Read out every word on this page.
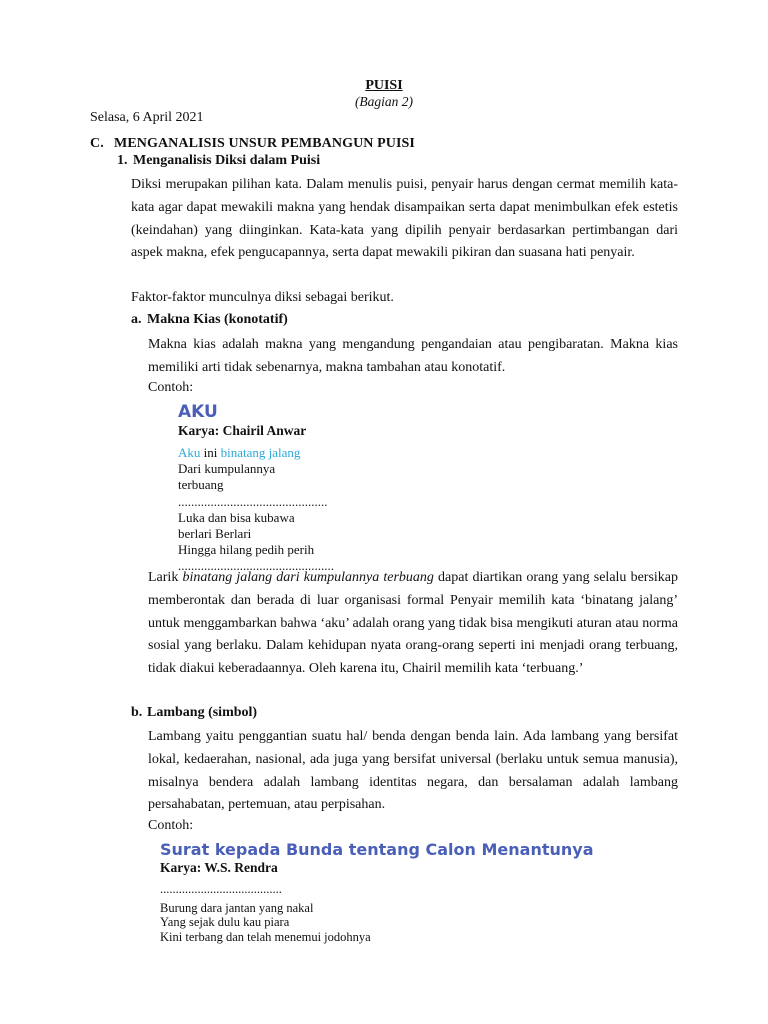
PUISI
(Bagian 2)
Selasa, 6 April 2021
C. MENGANALISIS UNSUR PEMBANGUN PUISI
1. Menganalisis Diksi dalam Puisi
Diksi merupakan pilihan kata. Dalam menulis puisi, penyair harus dengan cermat memilih kata- kata agar dapat mewakili makna yang hendak disampaikan serta dapat menimbulkan efek estetis (keindahan) yang diinginkan. Kata-kata yang dipilih penyair berdasarkan pertimbangan dari aspek makna, efek pengucapannya, serta dapat mewakili pikiran dan suasana hati penyair.
Faktor-faktor munculnya diksi sebagai berikut.
a. Makna Kias (konotatif)
Makna kias adalah makna yang mengandung pengandaian atau pengibaratan. Makna kias memiliki arti tidak sebenarnya, makna tambahan atau konotatif.
Contoh:
AKU
Karya: Chairil Anwar
Aku ini binatang jalang
Dari kumpulannya
terbuang
..............................................
Luka dan bisa kubawa
berlari Berlari
Hingga hilang pedih perih
................................................
Larik binatang jalang dari kumpulannya terbuang dapat diartikan orang yang selalu bersikap memberontak dan berada di luar organisasi formal Penyair memilih kata ‘binatang jalang’ untuk menggambarkan bahwa ‘aku’ adalah orang yang tidak bisa mengikuti aturan atau norma sosial yang berlaku. Dalam kehidupan nyata orang-orang seperti ini menjadi orang terbuang, tidak diakui keberadaannya. Oleh karena itu, Chairil memilih kata ‘terbuang.’
b. Lambang (simbol)
Lambang yaitu penggantian suatu hal/ benda dengan benda lain. Ada lambang yang bersifat lokal, kedaerahan, nasional, ada juga yang bersifat universal (berlaku untuk semua manusia), misalnya bendera adalah lambang identitas negara, dan bersalaman adalah lambang persahabatan, pertemuan, atau perpisahan.
Contoh:
Surat kepada Bunda tentang Calon Menantunya
Karya: W.S. Rendra
.......................................
Burung dara jantan yang nakal
Yang sejak dulu kau piara
Kini terbang dan telah menemui jodohnya
